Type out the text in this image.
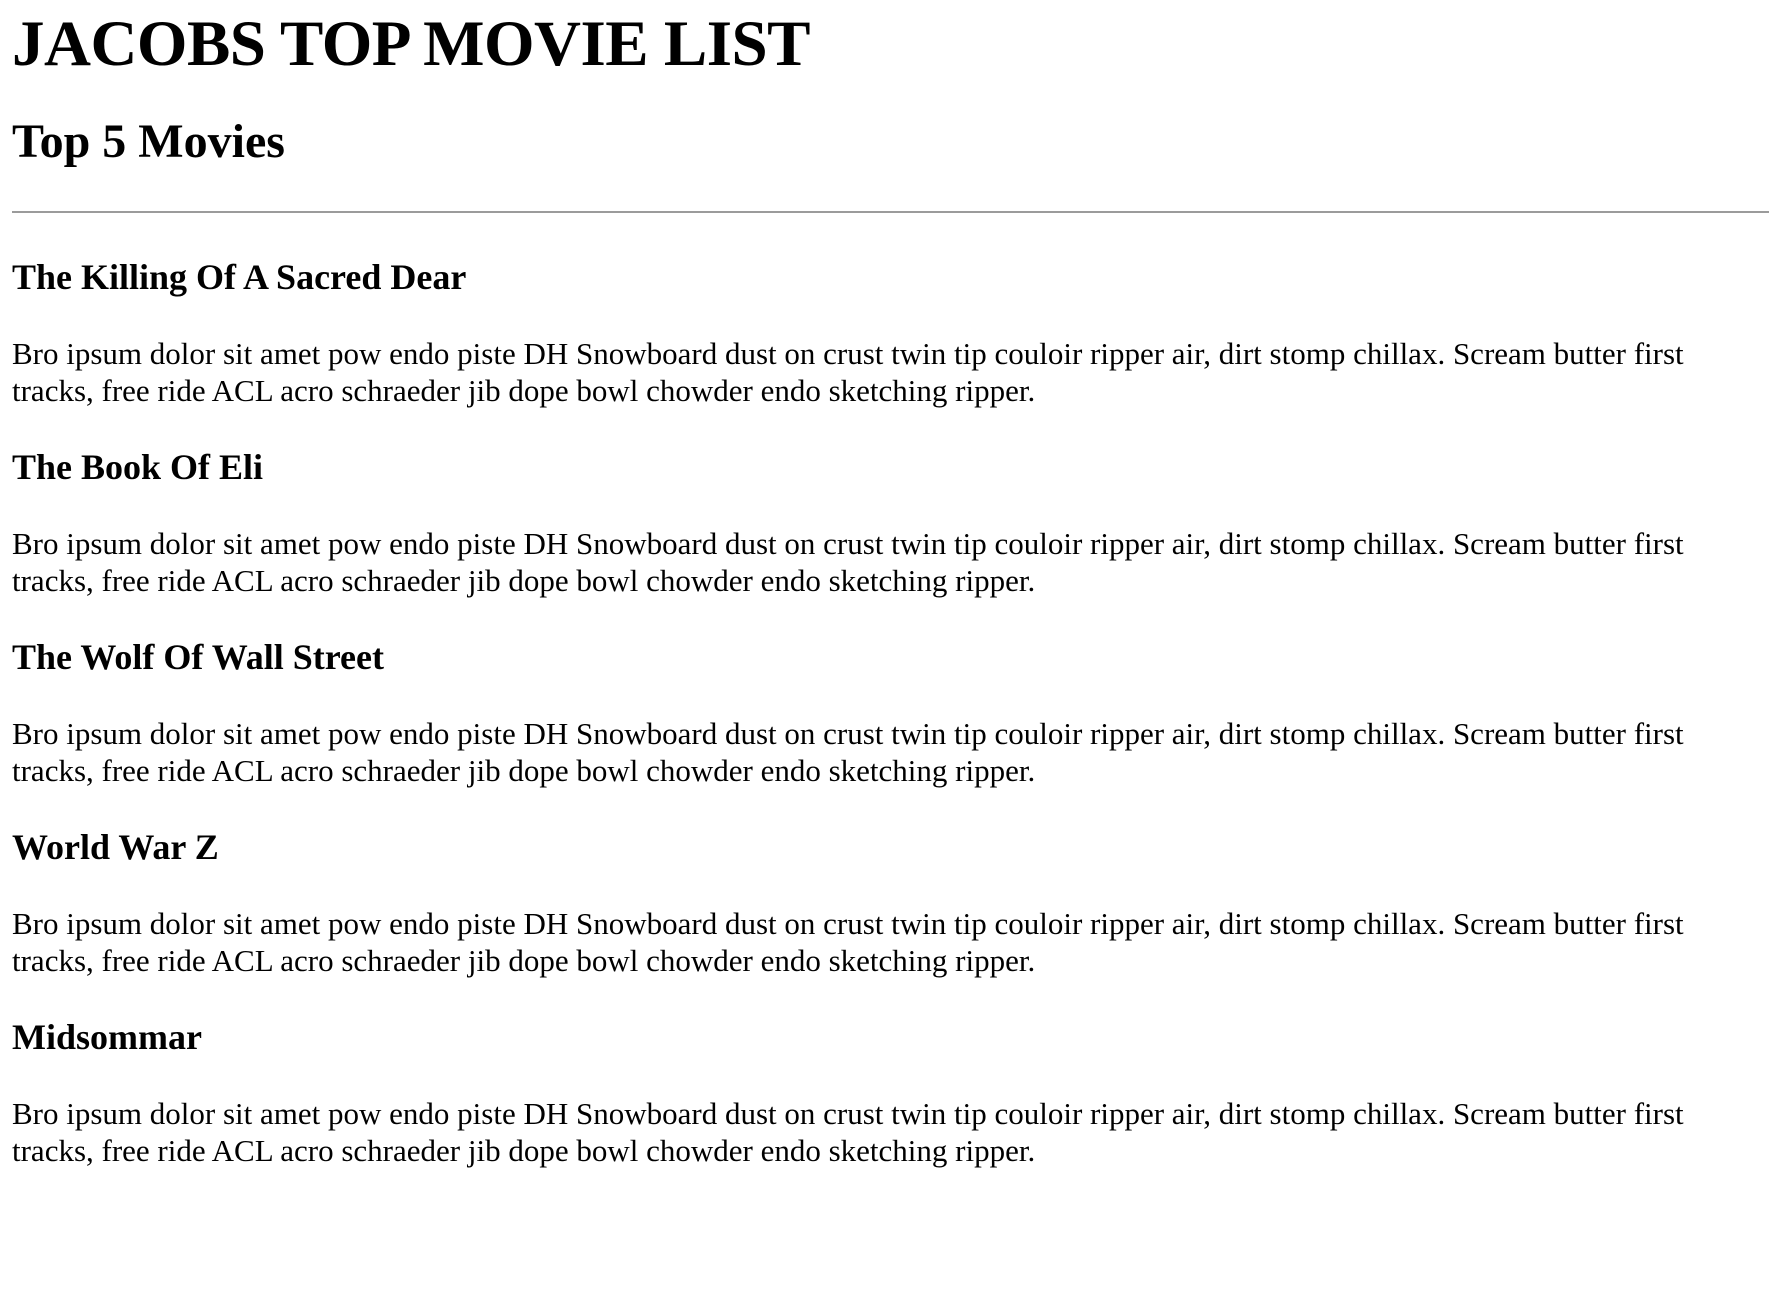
JACOBS TOP MOVIE LIST
Top 5 Movies
The Killing Of A Sacred Dear

Bro ipsum dolor sit amet pow endo piste DH Snowboard dust on crust twin tip couloir ripper air, dirt stomp chillax. Scream butter first tracks, free ride ACL acro schraeder jib dope bowl chowder endo sketching ripper.

The Book Of Eli

Bro ipsum dolor sit amet pow endo piste DH Snowboard dust on crust twin tip couloir ripper air, dirt stomp chillax. Scream butter first tracks, free ride ACL acro schraeder jib dope bowl chowder endo sketching ripper.

The Wolf Of Wall Street

Bro ipsum dolor sit amet pow endo piste DH Snowboard dust on crust twin tip couloir ripper air, dirt stomp chillax. Scream butter first tracks, free ride ACL acro schraeder jib dope bowl chowder endo sketching ripper.

World War Z

Bro ipsum dolor sit amet pow endo piste DH Snowboard dust on crust twin tip couloir ripper air, dirt stomp chillax. Scream butter first tracks, free ride ACL acro schraeder jib dope bowl chowder endo sketching ripper.

Midsommar

Bro ipsum dolor sit amet pow endo piste DH Snowboard dust on crust twin tip couloir ripper air, dirt stomp chillax. Scream butter first tracks, free ride ACL acro schraeder jib dope bowl chowder endo sketching ripper.
